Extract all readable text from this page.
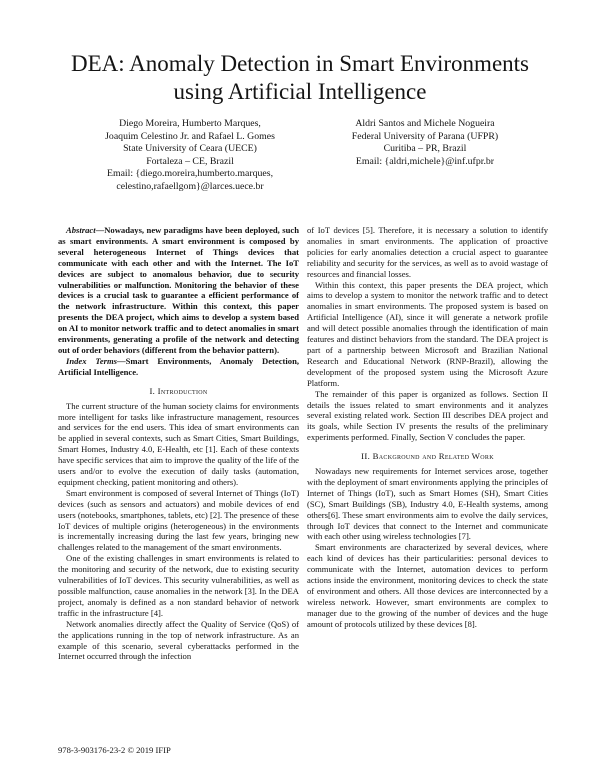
DEA: Anomaly Detection in Smart Environments
using Artificial Intelligence
Diego Moreira, Humberto Marques,
Joaquim Celestino Jr. and Rafael L. Gomes
State University of Ceara (UECE)
Fortaleza – CE, Brazil
Email: {diego.moreira,humberto.marques,
celestino,rafaellgom}@larces.uece.br
Aldri Santos and Michele Nogueira
Federal University of Parana (UFPR)
Curitiba – PR, Brazil
Email: {aldri,michele}@inf.ufpr.br

Abstract—Nowadays, new paradigms have been deployed, such as smart environments. A smart environment is composed by several heterogeneous Internet of Things devices that communicate with each other and with the Internet. The IoT devices are subject to anomalous behavior, due to security vulnerabilities or malfunction. Monitoring the behavior of these devices is a crucial task to guarantee a efficient performance of the network infrastructure. Within this context, this paper presents the DEA project, which aims to develop a system based on AI to monitor network traffic and to detect anomalies in smart environments, generating a profile of the network and detecting out of order behaviors (different from the behavior pattern).

Index Terms—Smart Environments, Anomaly Detection, Artificial Intelligence.

I. Introduction

The current structure of the human society claims for environments more intelligent for tasks like infrastructure management, resources and services for the end users. This idea of smart environments can be applied in several contexts, such as Smart Cities, Smart Buildings, Smart Homes, Industry 4.0, E-Health, etc [1]. Each of these contexts have specific services that aim to improve the quality of the life of the users and/or to evolve the execution of daily tasks (automation, equipment checking, patient monitoring and others).

Smart environment is composed of several Internet of Things (IoT) devices (such as sensors and actuators) and mobile devices of end users (notebooks, smartphones, tablets, etc) [2]. The presence of these IoT devices of multiple origins (heterogeneous) in the environments is incrementally increasing during the last few years, bringing new challenges related to the management of the smart environments.

One of the existing challenges in smart environments is related to the monitoring and security of the network, due to existing security vulnerabilities of IoT devices. This security vulnerabilities, as well as possible malfunction, cause anomalies in the network [3]. In the DEA project, anomaly is defined as a non standard behavior of network traffic in the infrastructure [4].

Network anomalies directly affect the Quality of Service (QoS) of the applications running in the top of network infrastructure. As an example of this scenario, several cyberattacks performed in the Internet occurred through the infection

of IoT devices [5]. Therefore, it is necessary a solution to identify anomalies in smart environments. The application of proactive policies for early anomalies detection a crucial aspect to guarantee reliability and security for the services, as well as to avoid wastage of resources and financial losses.

Within this context, this paper presents the DEA project, which aims to develop a system to monitor the network traffic and to detect anomalies in smart environments. The proposed system is based on Artificial Intelligence (AI), since it will generate a network profile and will detect possible anomalies through the identification of main features and distinct behaviors from the standard. The DEA project is part of a partnership between Microsoft and Brazilian National Research and Educational Network (RNP-Brazil), allowing the development of the proposed system using the Microsoft Azure Platform.

The remainder of this paper is organized as follows. Section II details the issues related to smart environments and it analyzes several existing related work. Section III describes DEA project and its goals, while Section IV presents the results of the preliminary experiments performed. Finally, Section V concludes the paper.

II. Background and Related Work

Nowadays new requirements for Internet services arose, together with the deployment of smart environments applying the principles of Internet of Things (IoT), such as Smart Homes (SH), Smart Cities (SC), Smart Buildings (SB), Industry 4.0, E-Health systems, among others[6]. These smart environments aim to evolve the daily services, through IoT devices that connect to the Internet and communicate with each other using wireless technologies [7].

Smart environments are characterized by several devices, where each kind of devices has their particularities: personal devices to communicate with the Internet, automation devices to perform actions inside the environment, monitoring devices to check the state of environment and others. All those devices are interconnected by a wireless network. However, smart environments are complex to manager due to the growing of the number of devices and the huge amount of protocols utilized by these devices [8].

978-3-903176-23-2 © 2019 IFIP
